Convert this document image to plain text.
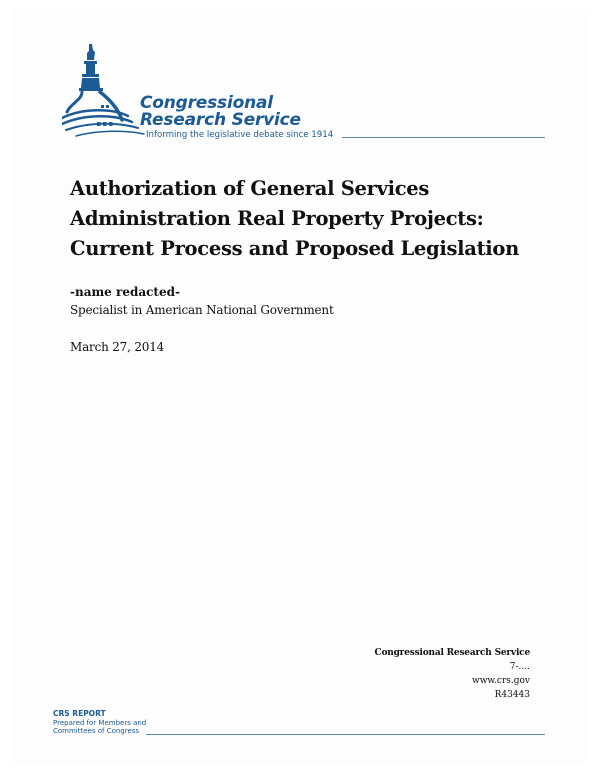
Congressional
Research Service
Informing the legislative debate since 1914
Authorization of General Services
Administration Real Property Projects:
Current Process and Proposed Legislation
-name redacted-
Specialist in American National Government
March 27, 2014
Congressional Research Service
7-....
www.crs.gov
R43443
CRS REPORT
Prepared for Members and
Committees of Congress
